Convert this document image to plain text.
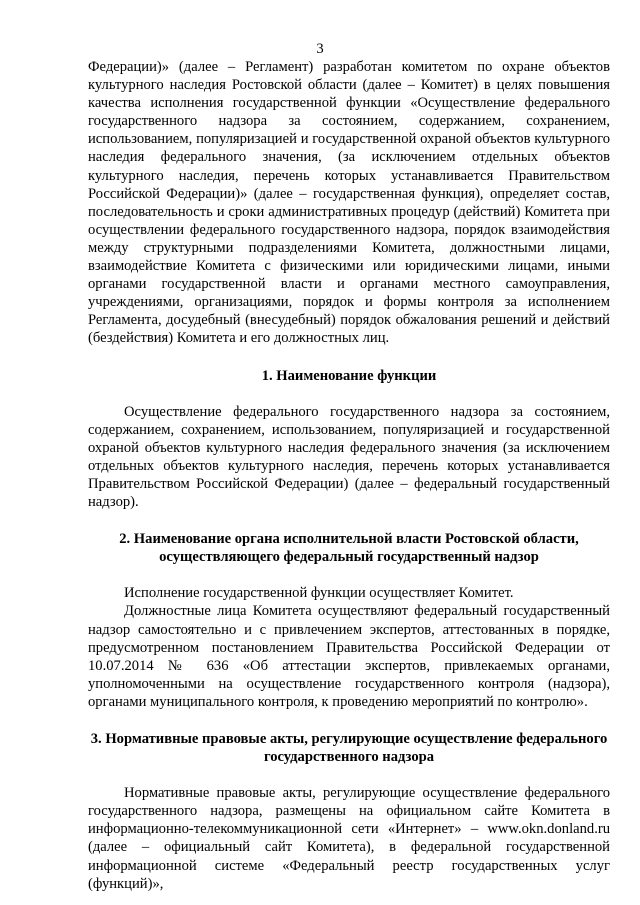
3

Федерации)» (далее – Регламент) разработан комитетом по охране объектов культурного наследия Ростовской области (далее – Комитет) в целях повышения качества исполнения государственной функции «Осуществление федерального государственного надзора за состоянием, содержанием, сохранением, использованием, популяризацией и государственной охраной объектов культурного наследия федерального значения, (за исключением отдельных объектов культурного наследия, перечень которых устанавливается Правительством Российской Федерации)» (далее – государственная функция), определяет состав, последовательность и сроки административных процедур (действий) Комитета при осуществлении федерального государственного надзора, порядок взаимодействия между структурными подразделениями Комитета, должностными лицами, взаимодействие Комитета с физическими или юридическими лицами, иными органами государственной власти и органами местного самоуправления, учреждениями, организациями, порядок и формы контроля за исполнением Регламента, досудебный (внесудебный) порядок обжалования решений и действий (бездействия) Комитета и его должностных лиц.

1. Наименование функции

Осуществление федерального государственного надзора за состоянием, содержанием, сохранением, использованием, популяризацией и государственной охраной объектов культурного наследия федерального значения (за исключением отдельных объектов культурного наследия, перечень которых устанавливается Правительством Российской Федерации) (далее – федеральный государственный надзор).

2. Наименование органа исполнительной власти Ростовской области,
осуществляющего федеральный государственный надзор

Исполнение государственной функции осуществляет Комитет.

Должностные лица Комитета осуществляют федеральный государственный надзор самостоятельно и с привлечением экспертов, аттестованных в порядке, предусмотренном постановлением Правительства Российской Федерации от 10.07.2014 № 636 «Об аттестации экспертов, привлекаемых органами, уполномоченными на осуществление государственного контроля (надзора), органами муниципального контроля, к проведению мероприятий по контролю».

3. Нормативные правовые акты, регулирующие осуществление федерального
государственного надзора

Нормативные правовые акты, регулирующие осуществление федерального государственного надзора, размещены на официальном сайте Комитета в информационно-телекоммуникационной сети «Интернет» – www.okn.donland.ru (далее – официальный сайт Комитета), в федеральной государственной информационной системе «Федеральный реестр государственных услуг (функций)»,
